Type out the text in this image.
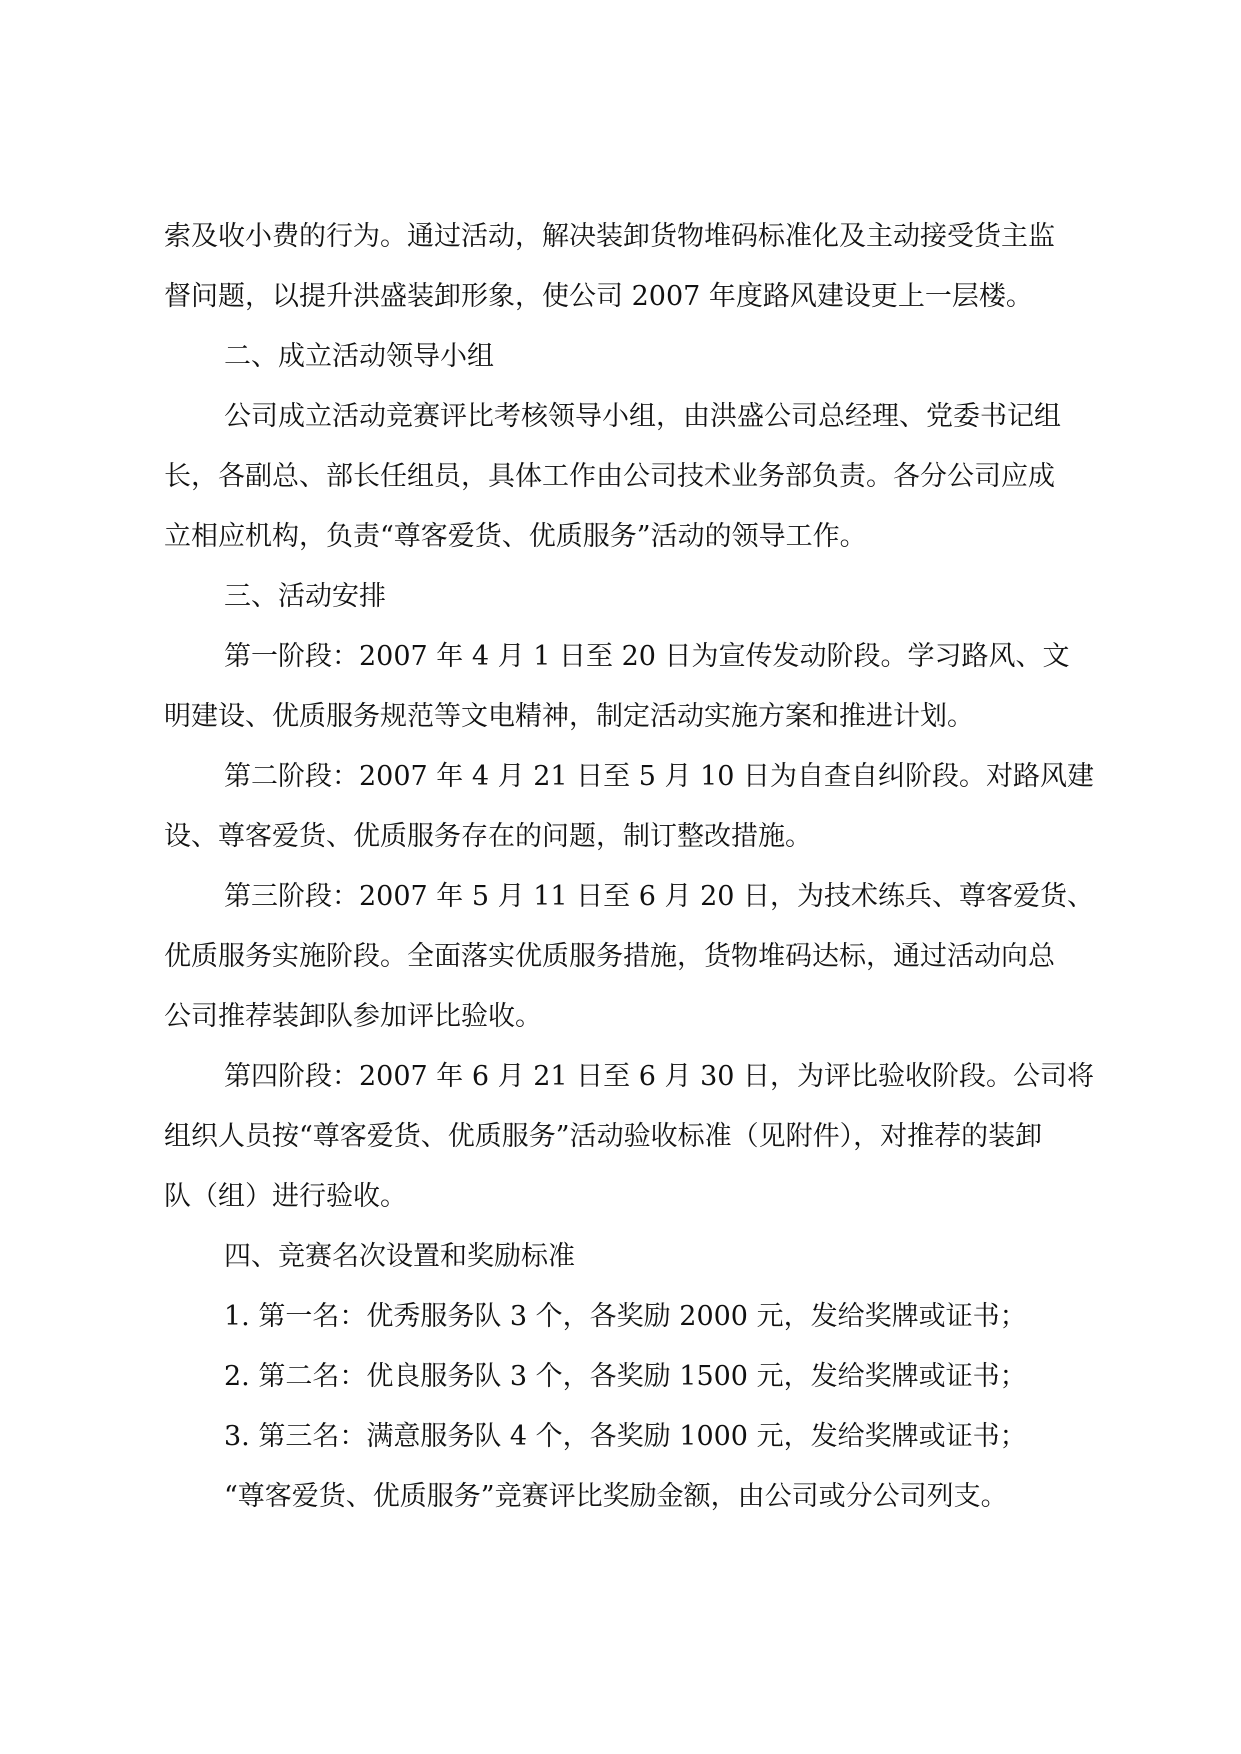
索及收小费的行为。通过活动，解决装卸货物堆码标准化及主动接受货主监
督问题，以提升洪盛装卸形象，使公司 2007 年度路风建设更上一层楼。
二、成立活动领导小组
公司成立活动竞赛评比考核领导小组，由洪盛公司总经理、党委书记组
长，各副总、部长任组员，具体工作由公司技术业务部负责。各分公司应成
立相应机构，负责“尊客爱货、优质服务”活动的领导工作。
三、活动安排
第一阶段：2007 年 4 月 1 日至 20 日为宣传发动阶段。学习路风、文
明建设、优质服务规范等文电精神，制定活动实施方案和推进计划。
第二阶段：2007 年 4 月 21 日至 5 月 10 日为自查自纠阶段。对路风建
设、尊客爱货、优质服务存在的问题，制订整改措施。
第三阶段：2007 年 5 月 11 日至 6 月 20 日，为技术练兵、尊客爱货、
优质服务实施阶段。全面落实优质服务措施，货物堆码达标，通过活动向总
公司推荐装卸队参加评比验收。
第四阶段：2007 年 6 月 21 日至 6 月 30 日，为评比验收阶段。公司将
组织人员按“尊客爱货、优质服务”活动验收标准（见附件），对推荐的装卸
队（组）进行验收。
四、竞赛名次设置和奖励标准
1. 第一名：优秀服务队 3 个，各奖励 2000 元，发给奖牌或证书；
2. 第二名：优良服务队 3 个，各奖励 1500 元，发给奖牌或证书；
3. 第三名：满意服务队 4 个，各奖励 1000 元，发给奖牌或证书；
“尊客爱货、优质服务”竞赛评比奖励金额，由公司或分公司列支。
